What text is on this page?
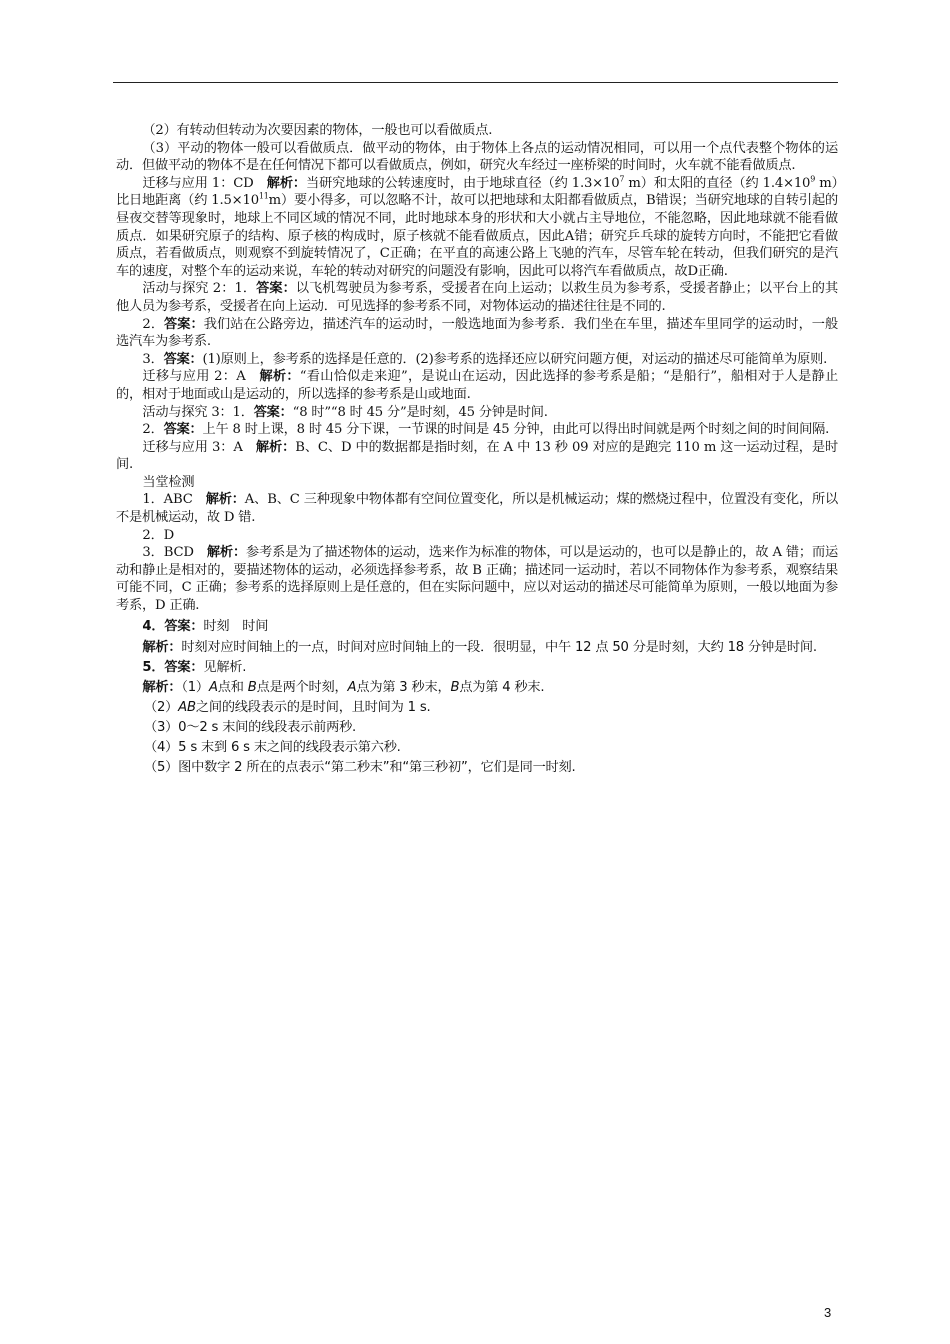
（2）有转动但转动为次要因素的物体，一般也可以看做质点.

（3）平动的物体一般可以看做质点．做平动的物体，由于物体上各点的运动情况相同，可以用一个点代表整个物体的运动．但做平动的物体不是在任何情况下都可以看做质点，例如，研究火车经过一座桥梁的时间时，火车就不能看做质点.

迁移与应用 1：CD　解析：当研究地球的公转速度时，由于地球直径（约 $1.3\times 10^7$ m）和太阳的直径（约 $1.4\times 10^9$ m）比日地距离（约 $1.5\times 10^{11}m$）要小得多，可以忽略不计，故可以把地球和太阳都看做质点，B错误；当研究地球的自转引起的昼夜交替等现象时，地球上不同区域的情况不同，此时地球本身的形状和大小就占主导地位，不能忽略，因此地球就不能看做质点．如果研究原子的结构、原子核的构成时，原子核就不能看做质点，因此A错；研究乒乓球的旋转方向时，不能把它看做质点，若看做质点，则观察不到旋转情况了，C正确；在平直的高速公路上飞驰的汽车，尽管车轮在转动，但我们研究的是汽车的速度，对整个车的运动来说，车轮的转动对研究的问题没有影响，因此可以将汽车看做质点，故D正确.

活动与探究 2：1．答案：以飞机驾驶员为参考系，受援者在向上运动；以救生员为参考系，受援者静止；以平台上的其他人员为参考系，受援者在向上运动．可见选择的参考系不同，对物体运动的描述往往是不同的.

2．答案：我们站在公路旁边，描述汽车的运动时，一般选地面为参考系．我们坐在车里，描述车里同学的运动时，一般选汽车为参考系.

3．答案：(1)原则上，参考系的选择是任意的．(2)参考系的选择还应以研究问题方便，对运动的描述尽可能简单为原则.

迁移与应用 2：A　解析：“看山恰似走来迎”，是说山在运动，因此选择的参考系是船；“是船行”，船相对于人是静止的，相对于地面或山是运动的，所以选择的参考系是山或地面.

活动与探究 3：1．答案：“8 时”“8 时 45 分”是时刻，45 分钟是时间.

2．答案：上午 8 时上课，8 时 45 分下课，一节课的时间是 45 分钟，由此可以得出时间就是两个时刻之间的时间间隔.

迁移与应用 3：A　解析：B、C、D 中的数据都是指时刻，在 A 中 13 秒 09 对应的是跑完 110 m 这一运动过程，是时间.

当堂检测

1．ABC　解析：A、B、C 三种现象中物体都有空间位置变化，所以是机械运动；煤的燃烧过程中，位置没有变化，所以不是机械运动，故 D 错.

2．D

3．BCD　解析：参考系是为了描述物体的运动，选来作为标准的物体，可以是运动的，也可以是静止的，故 A 错；而运动和静止是相对的，要描述物体的运动，必须选择参考系，故 B 正确；描述同一运动时，若以不同物体作为参考系，观察结果可能不同，C 正确；参考系的选择原则上是任意的，但在实际问题中，应以对运动的描述尽可能简单为原则，一般以地面为参考系，D 正确.

4．答案：时刻　时间

解析：时刻对应时间轴上的一点，时间对应时间轴上的一段．很明显，中午 12 点 50 分是时刻，大约 18 分钟是时间.

5．答案：见解析.

解析：（1）A点和 B点是两个时刻，A点为第 3 秒末，B点为第 4 秒末.

（2）AB之间的线段表示的是时间，且时间为 1 s.

（3）0～2 s 末间的线段表示前两秒.

（4）5 s 末到 6 s 末之间的线段表示第六秒.

（5）图中数字 2 所在的点表示“第二秒末”和“第三秒初”，它们是同一时刻.

3
